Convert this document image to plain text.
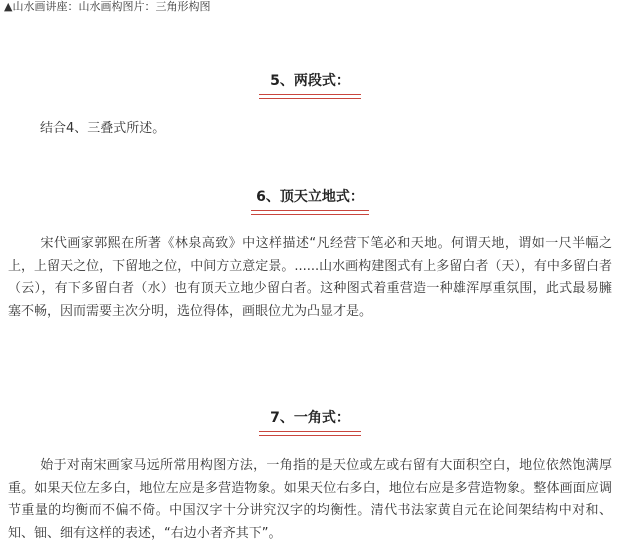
▲山水画讲座：山水画构图片：三角形构图
5、两段式：

结合4、三叠式所述。

6、顶天立地式：

宋代画家郭熙在所著《林泉高致》中这样描述“凡经营下笔必和天地。何谓天地，谓如一尺半幅之上，上留天之位，下留地之位，中间方立意定景。......山水画构建图式有上多留白者（天），有中多留白者（云），有下多留白者（水）也有顶天立地少留白者。这种图式着重营造一种雄浑厚重氛围，此式最易臃塞不畅，因而需要主次分明，选位得体，画眼位尤为凸显才是。

7、一角式：

始于对南宋画家马远所常用构图方法，一角指的是天位或左或右留有大面积空白，地位依然饱满厚重。如果天位左多白，地位左应是多营造物象。如果天位右多白，地位右应是多营造物象。整体画面应调节重量的均衡而不偏不倚。中国汉字十分讲究汉字的均衡性。清代书法家黄自元在论间架结构中对和、知、钿、细有这样的表述，“右边小者齐其下”。
